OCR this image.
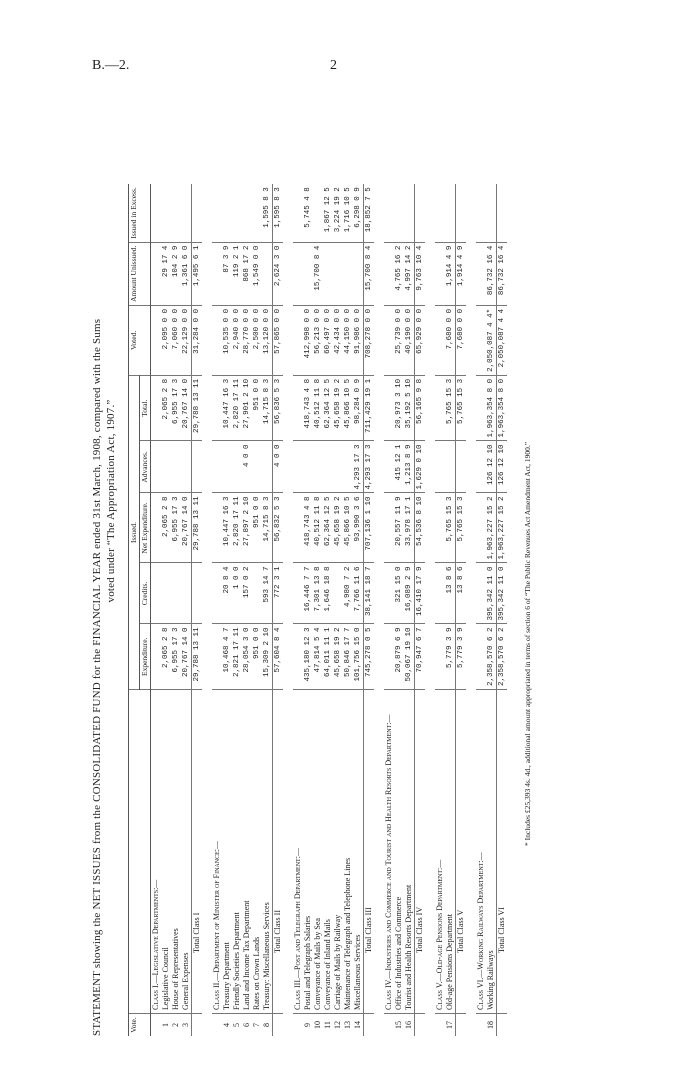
B.—2.	2
STATEMENT showing the NET ISSUES from the CONSOLIDATED FUND for the FINANCIAL YEAR ended 31st March, 1908, compared with the Sums voted under “The Appropriation Act, 1907.”
Vote.		Issued.					Voted.	Amount Unissued.	Issued in Excess.
		Expenditure.	Credits.	Net Expenditure.	Advances.	Total.			
	Class I.—Legislative Departments:—								
1	Legislative Council	2,065 2 8		2,065 2 8		2,065 2 8	2,095 0 0	29 17 4	
2	House of Representatives	6,955 17 3		6,955 17 3		6,955 17 3	7,060 0 0	104 2 9	
3	General Expenses	20,767 14 0		20,767 14 0		20,767 14 0	22,129 0 0	1,361 6 0	
	Total Class I	29,788 13 11		29,788 13 11		29,788 13 11	31,284 0 0	1,495 6 1	

	Class II.—Department of Minister of Finance:—								
4	Treasury Department	10,468 4 7	20 8 4	10,447 16 3		10,447 16 3	10,535 0 0	87 3 9	
5	Friendly Societies Department	2,821 17 11	1 0 0	2,820 17 11		2,820 17 11	2,940 0 0	119 2 1	
6	Land and Income Tax Department	28,054 3 0	157 0 2	27,897 2 10	4 0 0	27,901 2 10	28,770 0 0	868 17 2	
7	Rates on Crown Lands	951 0 0		951 0 0		951 0 0	2,500 0 0	1,549 0 0	
8	Treasury: Miscellaneous Services	15,309 2 10	593 14 7	14,715 8 3		14,715 8 3	13,120 0 0		1,595 8 3
	Total Class II	57,604 8 4	772 3 1	56,832 5 3	4 0 0	56,836 5 3	57,865 0 0	2,624 3 0	1,595 8 3

	Class III.—Post and Telegraph Department:—								
9	Postal and Telegraph Salaries	435,180 12 3	16,446 7 7	418,743 4 8		418,743 4 8	412,998 0 0		5,745 4 8
10	Conveyance of Mails by Sea	47,814 5 4	7,301 13 8	40,512 11 8		40,512 11 8	56,213 0 0	15,700 8 4	
11	Conveyance of Inland Mails	64,011 11 1	1,646 18 8	62,364 12 5		62,364 12 5	60,497 0 0		1,867 12 5
12	Carriage of Mails by Railway	45,658 19 2		45,658 19 2		45,658 19 2	42,434 0 0		3,224 19 2
13	Maintenance of Telegraph and Telephone Lines	50,846 17 7	4,980 7 2	45,866 10 5		45,866 10 5	44,150 0 0		1,716 10 5
14	Miscellaneous Services	101,756 15 0	7,766 11 6	93,990 3 6	4,293 17 3	98,284 0 9	91,986 0 0		6,298 0 9
	Total Class III	745,278 0 5	38,141 18 7	707,136 1 10	4,293 17 3	711,429 19 1	708,278 0 0	15,700 8 4	18,852 7 5

	Class IV.—Industries and Commerce and Tourist and Health Resorts Department:—								
15	Office of Industries and Commerce	20,879 6 9	321 15 0	20,557 11 9	415 12 1	20,973 3 10	25,739 0 0	4,765 16 2	
16	Tourist and Health Resorts Department	50,067 19 10	16,089 2 9	33,978 17 1	1,213 8 9	35,192 5 10	40,190 0 0	4,997 14 2	
	Total Class IV	70,947 6 7	16,410 17 9	54,536 8 10	1,629 0 10	56,165 9 8	65,929 0 0	9,763 10 4	

	Class V.—Old-age Pensions Department:—								
17	Old-age Pensions Department	5,779 3 9	13 8 6	5,765 15 3		5,765 15 3	7,680 0 0	1,914 4 9	
	Total Class V	5,779 3 9	13 8 6	5,765 15 3		5,765 15 3	7,680 0 0	1,914 4 9	

	Class VI.—Working Railways Department:—								
18	Working Railways	2,358,570 6 2	395,342 11 0	1,963,227 15 2	126 12 10	1,963,354 8 0	2,050,087 4 4*	86,732 16 4	
	Total Class VI	2,358,570 6 2	395,342 11 0	1,963,227 15 2	126 12 10	1,963,354 8 0	2,050,087 4 4	86,732 16 4	

* Includes £25,393 4s. 4d., additional amount appropriated in terms of section 6 of “The Public Revenues Act Amendment Act, 1900.”
